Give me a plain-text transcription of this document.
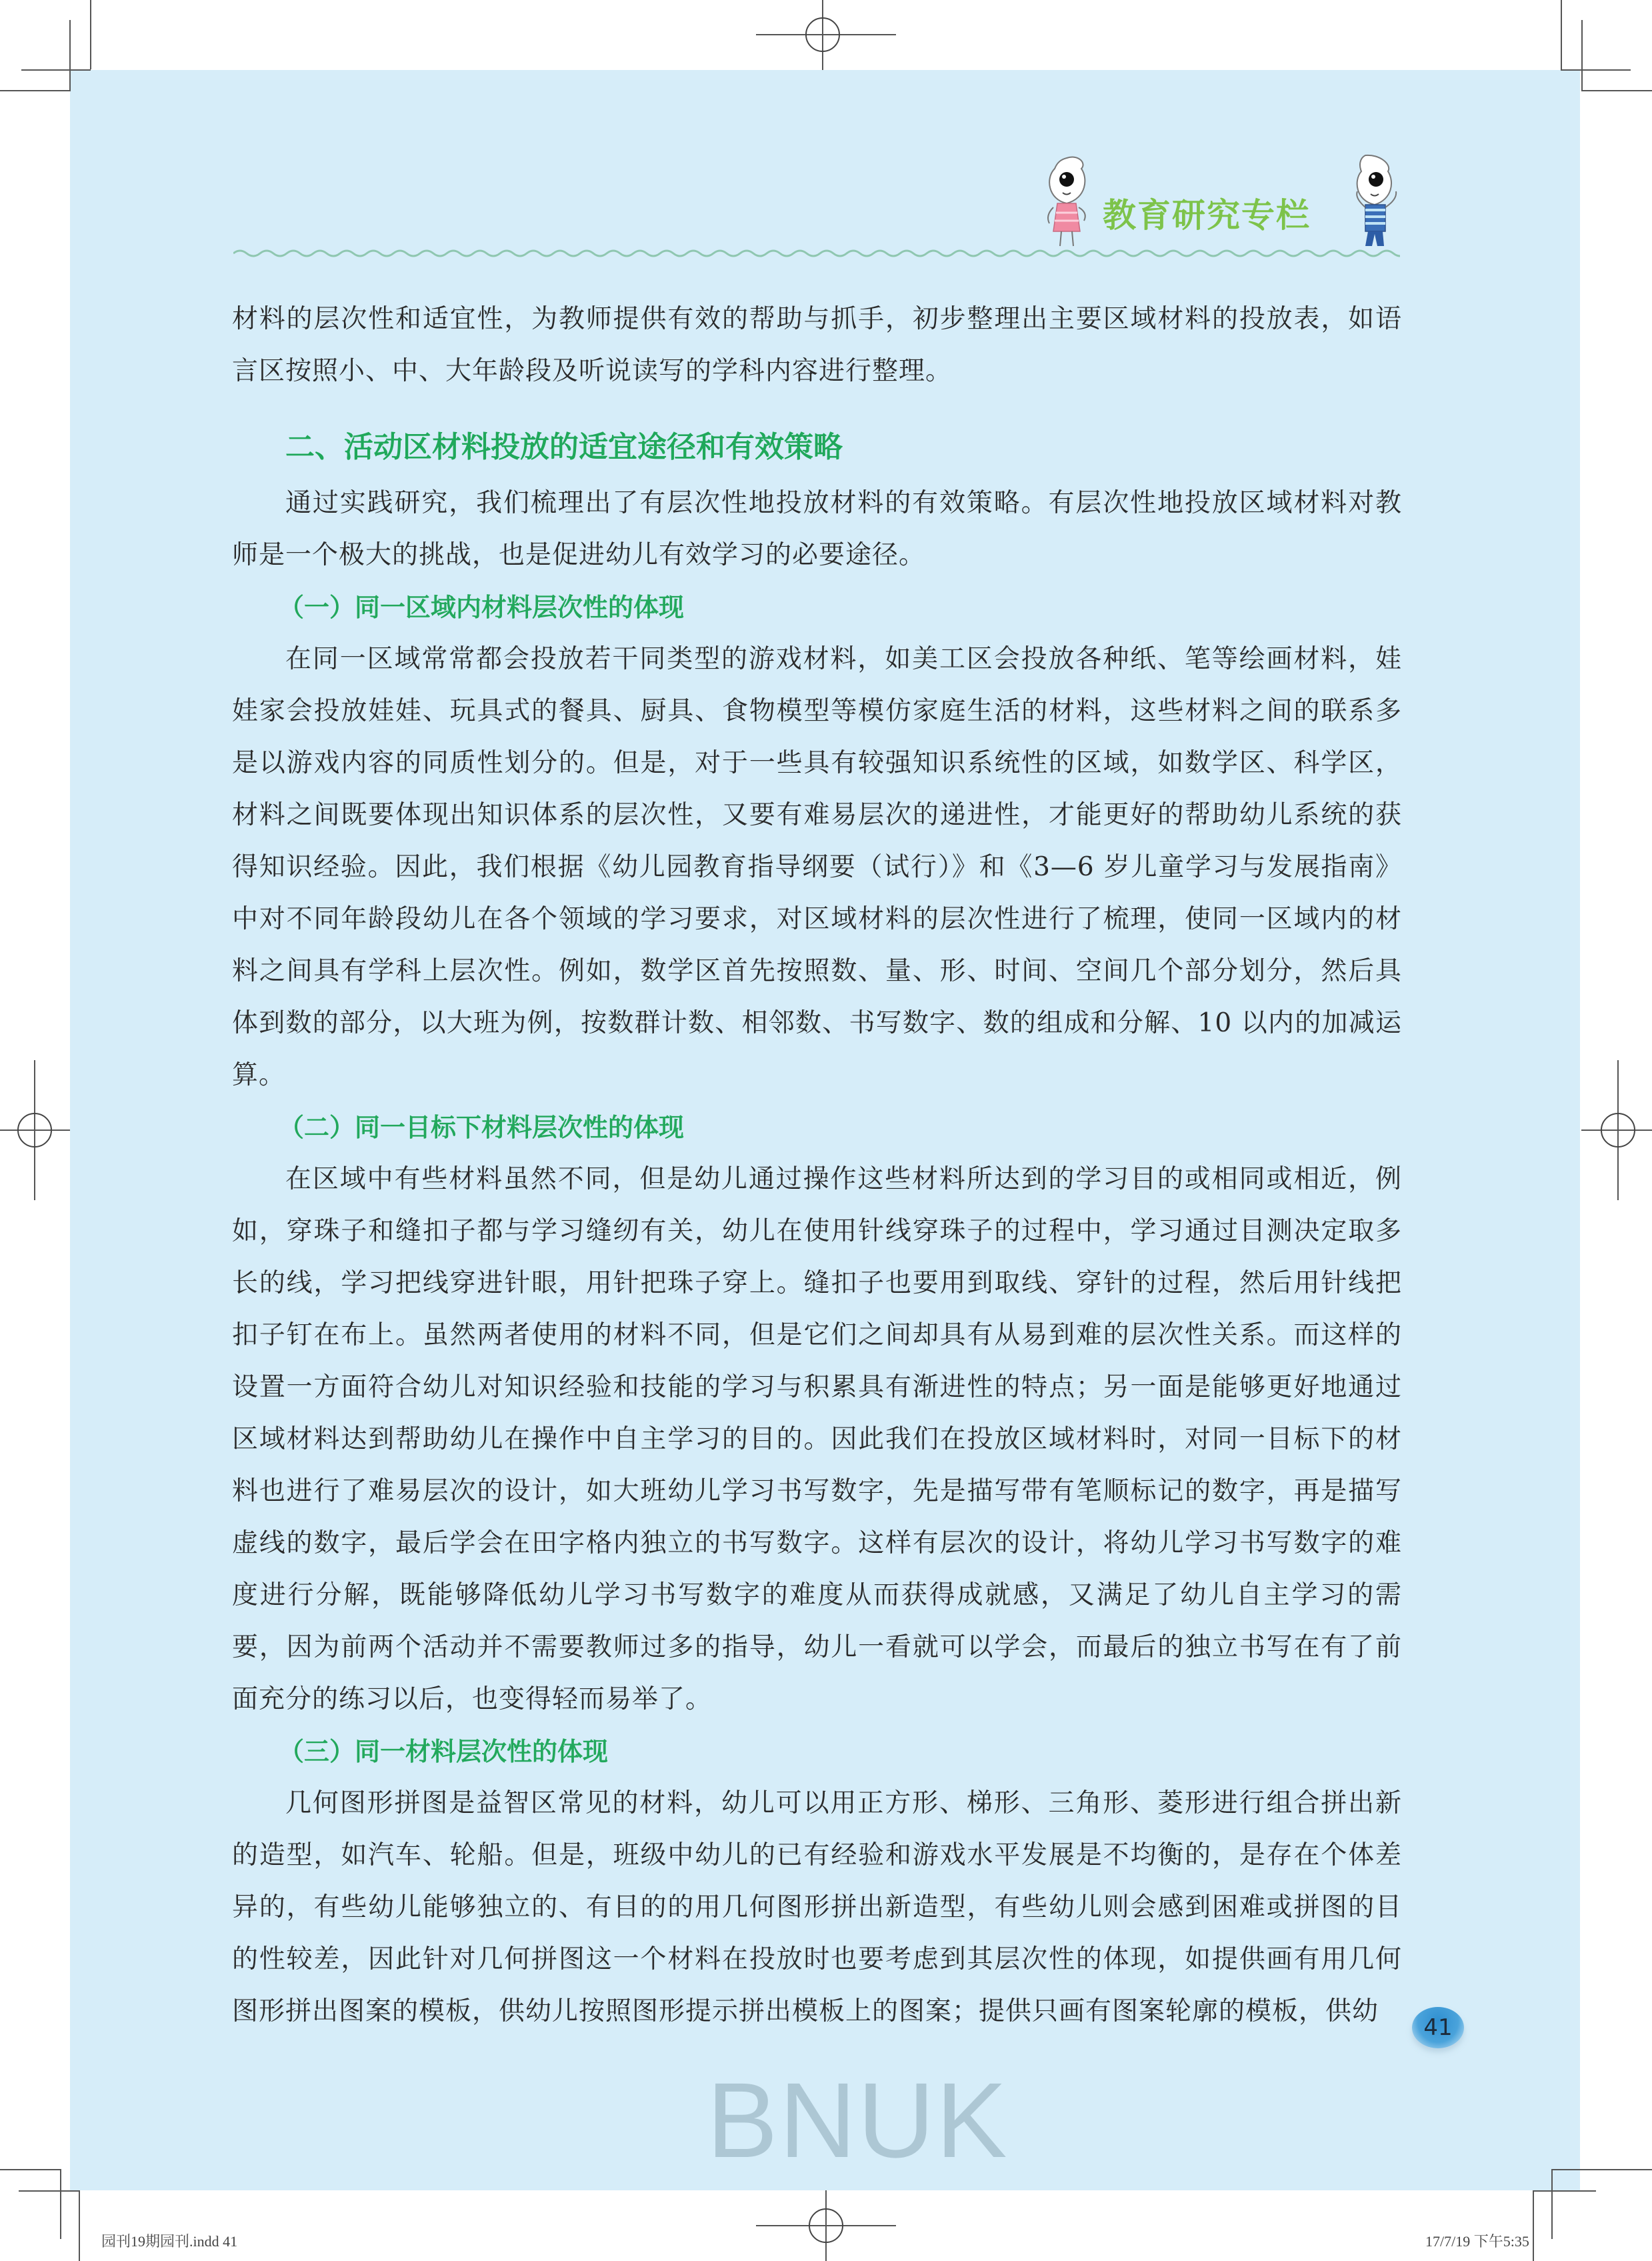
教育研究专栏

材料的层次性和适宜性，为教师提供有效的帮助与抓手，初步整理出主要区域材料的投放表，如语言区按照小、中、大年龄段及听说读写的学科内容进行整理。

二、活动区材料投放的适宜途径和有效策略

通过实践研究，我们梳理出了有层次性地投放材料的有效策略。有层次性地投放区域材料对教师是一个极大的挑战，也是促进幼儿有效学习的必要途径。

（一）同一区域内材料层次性的体现

在同一区域常常都会投放若干同类型的游戏材料，如美工区会投放各种纸、笔等绘画材料，娃娃家会投放娃娃、玩具式的餐具、厨具、食物模型等模仿家庭生活的材料，这些材料之间的联系多是以游戏内容的同质性划分的。但是，对于一些具有较强知识系统性的区域，如数学区、科学区，材料之间既要体现出知识体系的层次性，又要有难易层次的递进性，才能更好的帮助幼儿系统的获得知识经验。因此，我们根据《幼儿园教育指导纲要（试行）》和《3—6 岁儿童学习与发展指南》中对不同年龄段幼儿在各个领域的学习要求，对区域材料的层次性进行了梳理，使同一区域内的材料之间具有学科上层次性。例如，数学区首先按照数、量、形、时间、空间几个部分划分，然后具体到数的部分，以大班为例，按数群计数、相邻数、书写数字、数的组成和分解、10 以内的加减运算。

（二）同一目标下材料层次性的体现

在区域中有些材料虽然不同，但是幼儿通过操作这些材料所达到的学习目的或相同或相近，例如，穿珠子和缝扣子都与学习缝纫有关，幼儿在使用针线穿珠子的过程中，学习通过目测决定取多长的线，学习把线穿进针眼，用针把珠子穿上。缝扣子也要用到取线、穿针的过程，然后用针线把扣子钉在布上。虽然两者使用的材料不同，但是它们之间却具有从易到难的层次性关系。而这样的设置一方面符合幼儿对知识经验和技能的学习与积累具有渐进性的特点；另一面是能够更好地通过区域材料达到帮助幼儿在操作中自主学习的目的。因此我们在投放区域材料时，对同一目标下的材料也进行了难易层次的设计，如大班幼儿学习书写数字，先是描写带有笔顺标记的数字，再是描写虚线的数字，最后学会在田字格内独立的书写数字。这样有层次的设计，将幼儿学习书写数字的难度进行分解，既能够降低幼儿学习书写数字的难度从而获得成就感，又满足了幼儿自主学习的需要，因为前两个活动并不需要教师过多的指导，幼儿一看就可以学会，而最后的独立书写在有了前面充分的练习以后，也变得轻而易举了。

（三）同一材料层次性的体现

几何图形拼图是益智区常见的材料，幼儿可以用正方形、梯形、三角形、菱形进行组合拼出新的造型，如汽车、轮船。但是，班级中幼儿的已有经验和游戏水平发展是不均衡的，是存在个体差异的，有些幼儿能够独立的、有目的的用几何图形拼出新造型，有些幼儿则会感到困难或拼图的目的性较差，因此针对几何拼图这一个材料在投放时也要考虑到其层次性的体现，如提供画有用几何图形拼出图案的模板，供幼儿按照图形提示拼出模板上的图案；提供只画有图案轮廓的模板，供幼

41
BNUK
园刊19期园刊.indd 41	17/7/19 下午5:35
